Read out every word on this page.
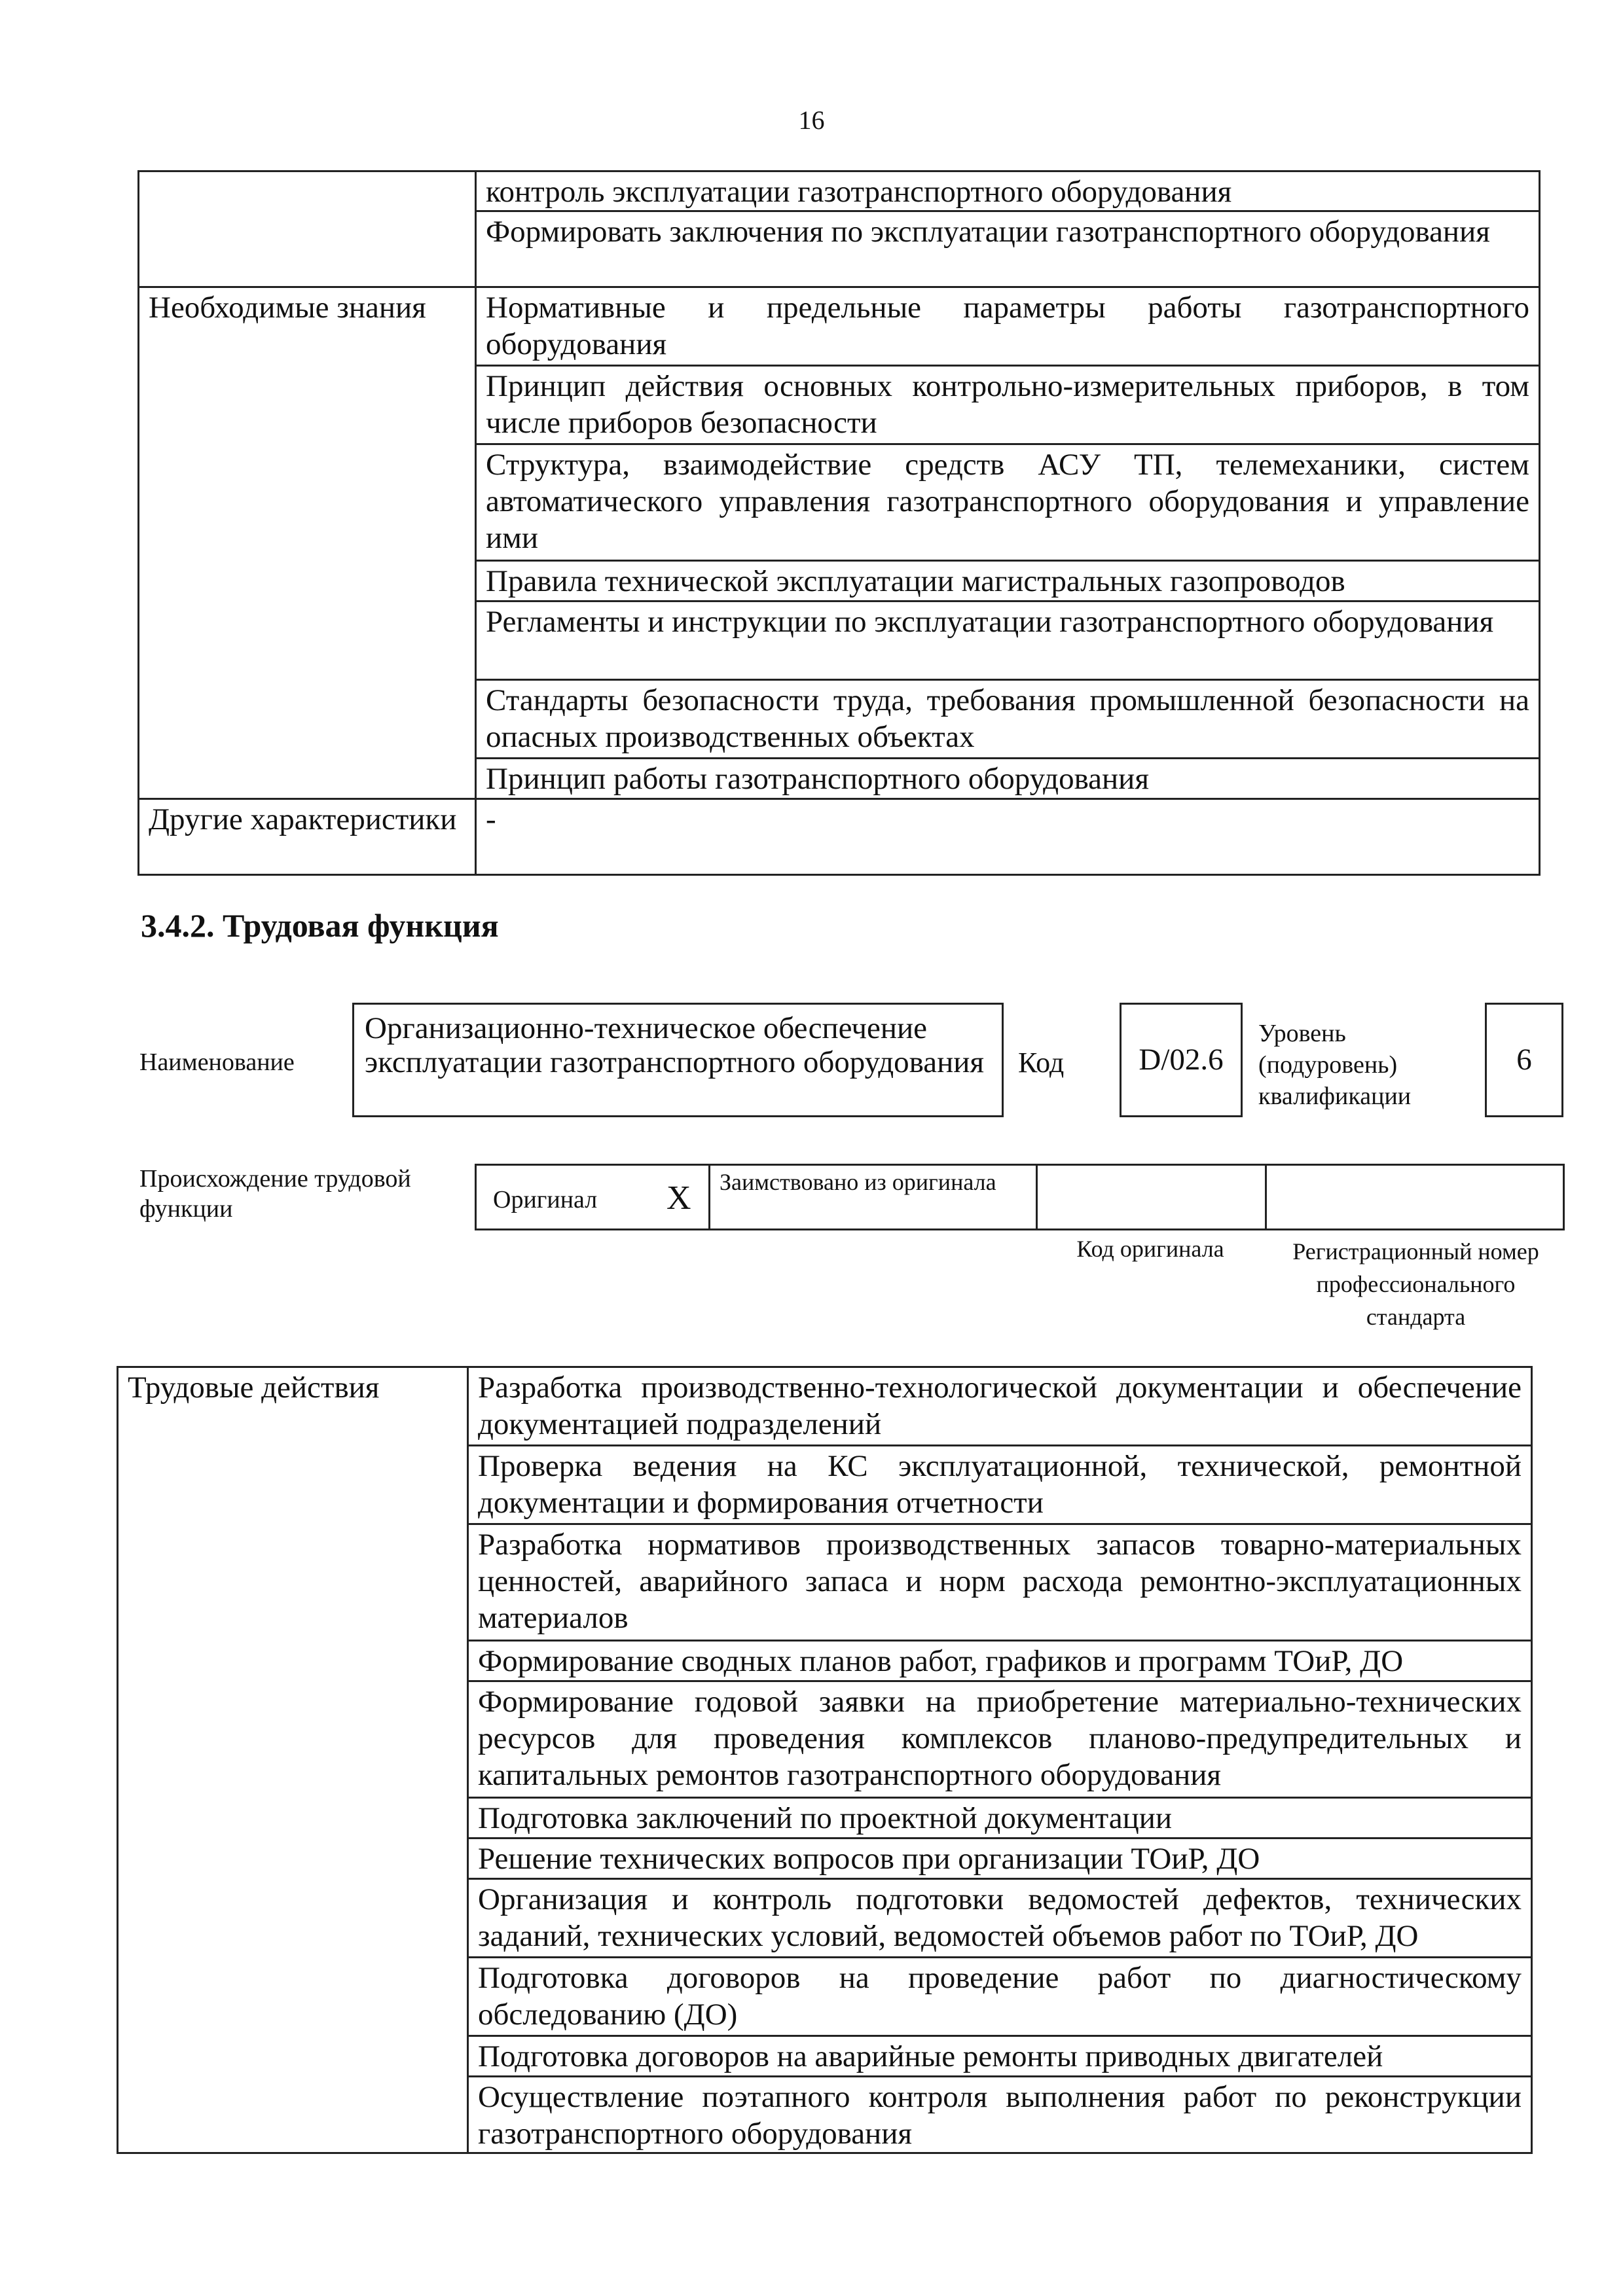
16
	контроль эксплуатации газотранспортного оборудования
	Формировать заключения по эксплуатации газотранспортного оборудования
Необходимые знания	Нормативные и предельные параметры работы газотранспортного оборудования
	Принцип действия основных контрольно-измерительных приборов, в том числе приборов безопасности
	Структура, взаимодействие средств АСУ ТП, телемеханики, систем автоматического управления газотранспортного оборудования и управление ими
	Правила технической эксплуатации магистральных газопроводов
	Регламенты и инструкции по эксплуатации газотранспортного оборудования
	Стандарты безопасности труда, требования промышленной безопасности на опасных производственных объектах
	Принцип работы газотранспортного оборудования
Другие характеристики	-
3.4.2. Трудовая функция
Наименование
Организационно-техническое обеспечение эксплуатации газотранспортного оборудования	Код	D/02.6
Уровень (подуровень) квалификации
6
Происхождение трудовой функции	Оригинал X	Заимствовано из оригинала
Код оригинала	Регистрационный номер профессионального стандарта
Трудовые действия	Разработка производственно-технологической документации и обеспечение документацией подразделений
Проверка ведения на КС эксплуатационной, технической, ремонтной документации и формирования отчетности
Разработка нормативов производственных запасов товарно-материальных ценностей, аварийного запаса и норм расхода ремонтно-эксплуатационных материалов
Формирование сводных планов работ, графиков и программ ТОиР, ДО
Формирование годовой заявки на приобретение материально-технических ресурсов для проведения комплексов планово-предупредительных и капитальных ремонтов газотранспортного оборудования
Подготовка заключений по проектной документации
Решение технических вопросов при организации ТОиР, ДО
Организация и контроль подготовки ведомостей дефектов, технических заданий, технических условий, ведомостей объемов работ по ТОиР, ДО
Подготовка договоров на проведение работ по диагностическому обследованию (ДО)
Подготовка договоров на аварийные ремонты приводных двигателей
Осуществление поэтапного контроля выполнения работ по реконструкции газотранспортного оборудования
